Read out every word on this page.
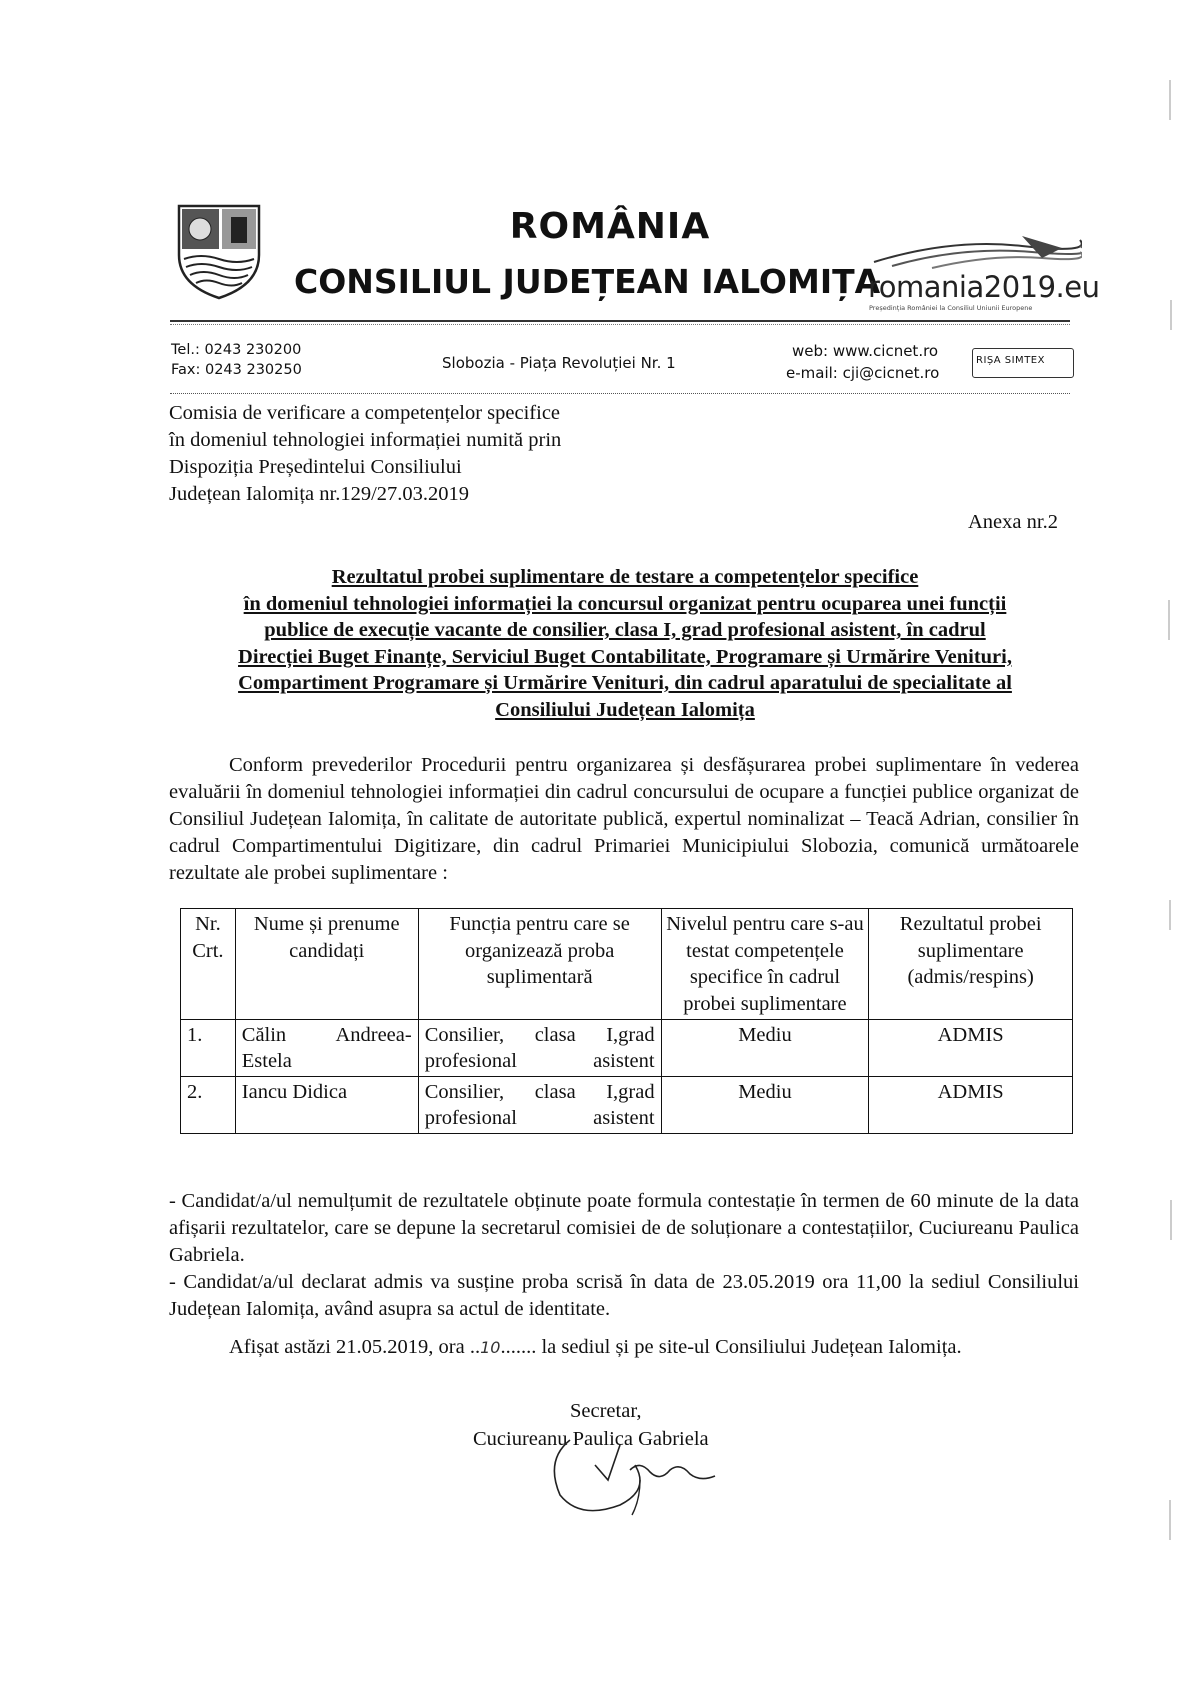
ROMÂNIA
CONSILIUL JUDEȚEAN IALOMIȚA
romania2019.eu
Președinția României la Consiliul Uniunii Europene
Tel.: 0243 230200
Fax: 0243 230250	Slobozia - Piața Revoluției Nr. 1
web: www.cicnet.ro
e-mail: cji@cicnet.ro
RIȘA SIMTEX
Comisia de verificare a competențelor specifice
în domeniul tehnologiei informației numită prin
Dispoziția Președintelui Consiliului
Județean Ialomița nr.129/27.03.2019
Anexa nr.2
Rezultatul probei suplimentare de testare a competențelor specifice
în domeniul tehnologiei informației la concursul organizat pentru ocuparea unei funcții
publice de execuție vacante de consilier, clasa I, grad profesional asistent, în cadrul
Direcției Buget Finanțe, Serviciul Buget Contabilitate, Programare și Urmărire Venituri,
Compartiment Programare și Urmărire Venituri, din cadrul aparatului de specialitate al
Consiliului Județean Ialomița
Conform prevederilor Procedurii pentru organizarea și desfășurarea probei suplimentare în vederea evaluării în domeniul tehnologiei informației din cadrul concursului de ocupare a funcției publice organizat de Consiliul Județean Ialomița, în calitate de autoritate publică, expertul nominalizat – Teacă Adrian, consilier în cadrul Compartimentului Digitizare, din cadrul Primariei Municipiului Slobozia, comunică următoarele rezultate ale probei suplimentare :
Nr. Crt.	Nume și prenume candidați	Funcția pentru care se organizează proba suplimentară	Nivelul pentru care s-au testat competențele specifice în cadrul probei suplimentare	Rezultatul probei suplimentare (admis/respins)
1.	Călin Andreea-Estela	Consilier, clasa I,grad profesional asistent	Mediu	ADMIS
2.	Iancu Didica	Consilier, clasa I,grad profesional asistent	Mediu	ADMIS

- Candidat/a/ul nemulțumit de rezultatele obținute poate formula contestație în termen de 60 minute de la data afișarii rezultatelor, care se depune la secretarul comisiei de de soluționare a contestațiilor, Cuciureanu Paulica Gabriela.

- Candidat/a/ul declarat admis va susține proba scrisă în data de 23.05.2019 ora 11,00 la sediul Consiliului Județean Ialomița, având asupra sa actul de identitate.

Afișat astăzi 21.05.2019, ora ..10....... la sediul și pe site-ul Consiliului Județean Ialomița.
Secretar,
Cuciureanu Paulica Gabriela
